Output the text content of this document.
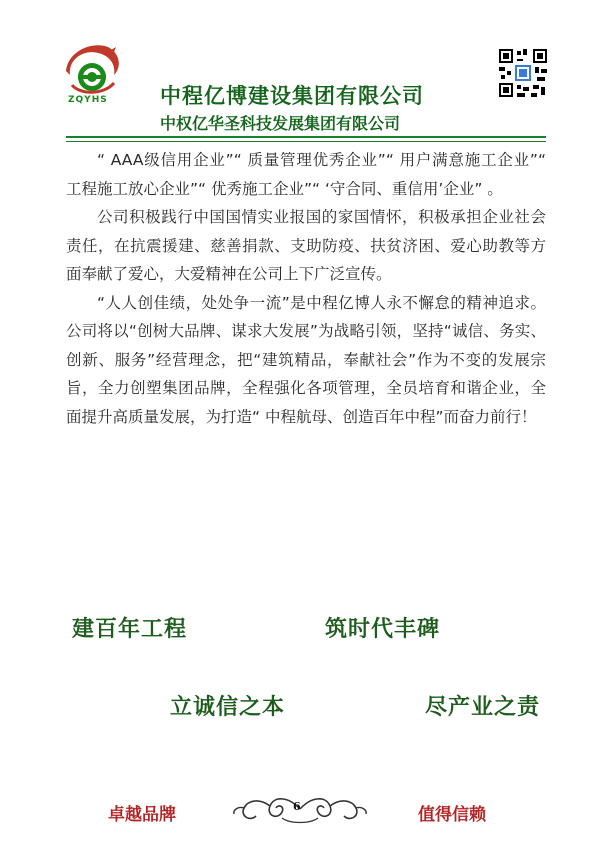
ZQYHS 中程亿博建设集团有限公司
中权亿华圣科技发展集团有限公司

“ AAA级信用企业”“ 质量管理优秀企业”“ 用户满意施工企业”“ 工程施工放心企业”“ 优秀施工企业”“ ‘守合同、重信用’企业” 。

公司积极践行中国国情实业报国的家国情怀，积极承担企业社会责任，在抗震援建、慈善捐款、支助防疫、扶贫济困、爱心助教等方面奉献了爱心，大爱精神在公司上下广泛宣传。

“人人创佳绩，处处争一流”是中程亿博人永不懈怠的精神追求。公司将以“创树大品牌、谋求大发展”为战略引领，坚持“诚信、务实、创新、服务”经营理念，把“建筑精品，奉献社会”作为不变的发展宗旨，全力创塑集团品牌，全程强化各项管理，全员培育和谐企业，全面提升高质量发展，为打造“ 中程航母、创造百年中程”而奋力前行！

建百年工程	筑时代丰碑
立诚信之本	尽产业之责
卓越品牌	6	值得信赖
